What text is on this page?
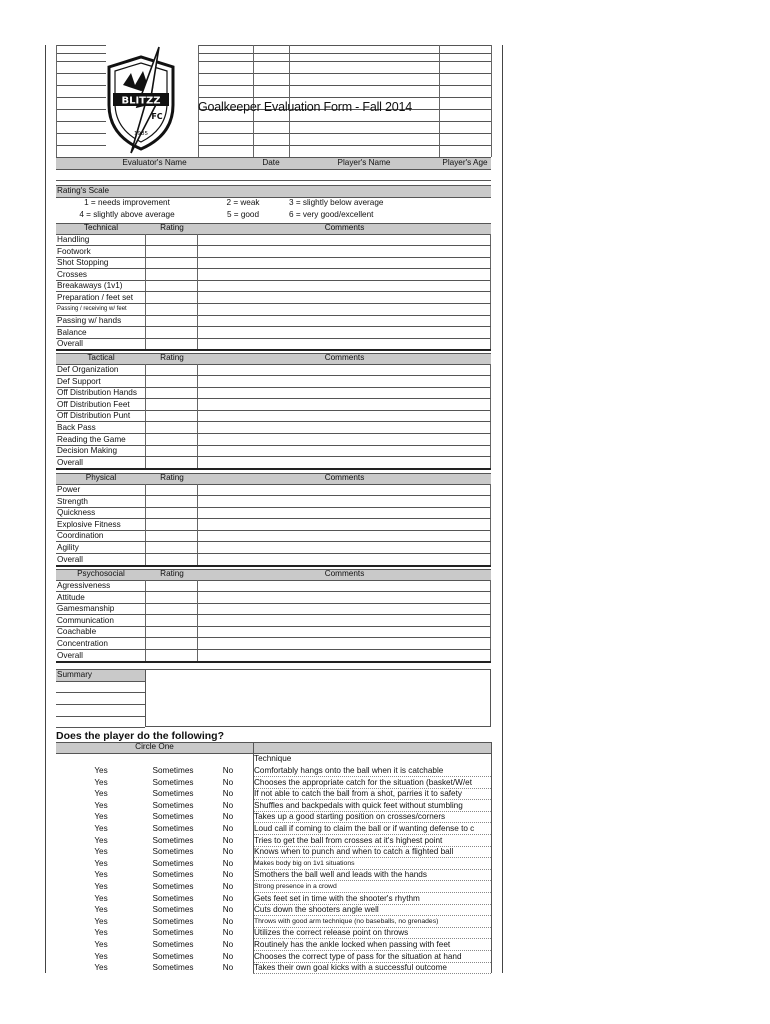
BLITZZ
FC
1985
Goalkeeper Evaluation Form - Fall 2014
Evaluator's Name	Date	Player's Name	Player's Age
Rating's Scale
1 = needs improvement	2 = weak	3 = slightly below average
4 = slightly above average	5 = good	6 = very good/excellent
Technical	Rating	Comments
Handling
Footwork
Shot Stopping
Crosses
Breakaways (1v1)
Preparation / feet set
Passing / receiving w/ feet
Passing w/ hands
Balance
Overall
Tactical	Rating	Comments
Def Organization
Def Support
Off Distribution Hands
Off Distribution Feet
Off Distribution Punt
Back Pass
Reading the Game
Decision Making
Overall
Physical	Rating	Comments
Power
Strength
Quickness
Explosive Fitness
Coordination
Agility
Overall
Psychosocial	Rating	Comments
Agressiveness
Attitude
Gamesmanship
Communication
Coachable
Concentration
Overall
Summary
Does the player do the following?
Circle One
Technique
Yes	Sometimes	No	Comfortably hangs onto the ball when it is catchable
Yes	Sometimes	No	Chooses the appropriate catch for the situation (basket/W/et
Yes	Sometimes	No	If not able to catch the ball from a shot, parries it to safety
Yes	Sometimes	No	Shuffles and backpedals with quick feet without stumbling
Yes	Sometimes	No	Takes up a good starting position on crosses/corners
Yes	Sometimes	No	Loud call if coming to claim the ball or if wanting defense to c
Yes	Sometimes	No	Tries to get the ball from crosses at it's highest point
Yes	Sometimes	No	Knows when to punch and when to catch a flighted ball
Yes	Sometimes	No	Makes body big on 1v1 situations
Yes	Sometimes	No	Smothers the ball well and leads with the hands
Yes	Sometimes	No	Strong presence in a crowd
Yes	Sometimes	No	Gets feet set in time with the shooter's rhythm
Yes	Sometimes	No	Cuts down the shooters angle well
Yes	Sometimes	No	Throws with good arm technique (no baseballs, no grenades)
Yes	Sometimes	No	Utilizes the correct release point on throws
Yes	Sometimes	No	Routinely has the ankle locked when passing with feet
Yes	Sometimes	No	Chooses the correct type of pass for the situation at hand
Yes	Sometimes	No	Takes their own goal kicks with a successful outcome
